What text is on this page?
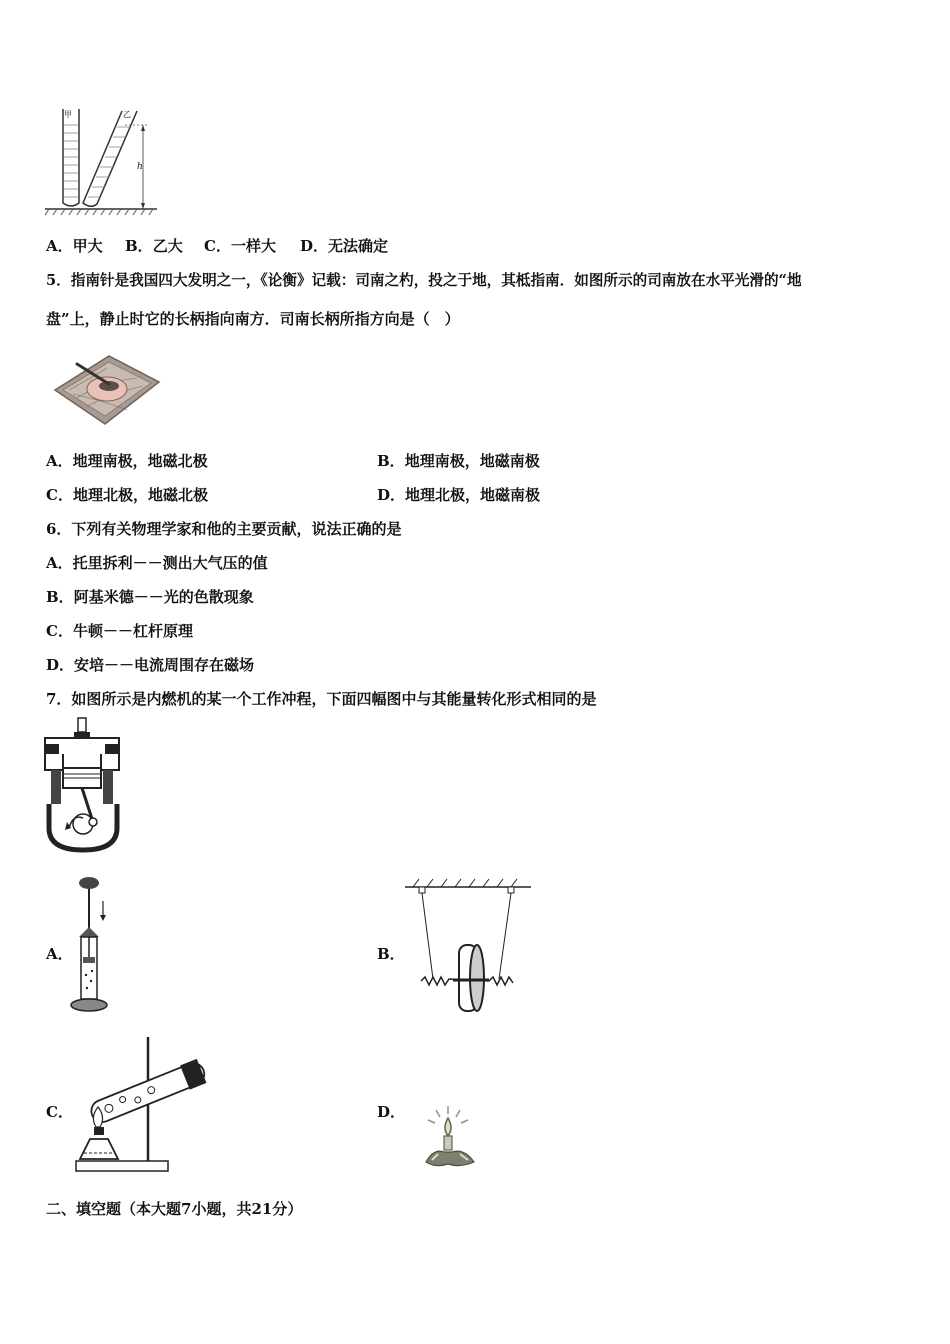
甲	乙
h
A．甲大 B．乙大 C．一样大 D．无法确定
5．指南针是我国四大发明之一，《论衡》记载：司南之杓，投之于地，其柢指南．如图所示的司南放在水平光滑的“地
盘”上，静止时它的长柄指向南方．司南长柄所指方向是（　）
A．地理南极，地磁北极	B．地理南极，地磁南极
C．地理北极，地磁北极	D．地理北极，地磁南极
6．下列有关物理学家和他的主要贡献，说法正确的是
A．托里拆利－－测出大气压的值
B．阿基米德－－光的色散现象
C．牛顿－－杠杆原理
D．安培－－电流周围存在磁场
7．如图所示是内燃机的某一个工作冲程，下面四幅图中与其能量转化形式相同的是
A．	B．
C．	D．
二、填空题（本大题7小题，共21分）
